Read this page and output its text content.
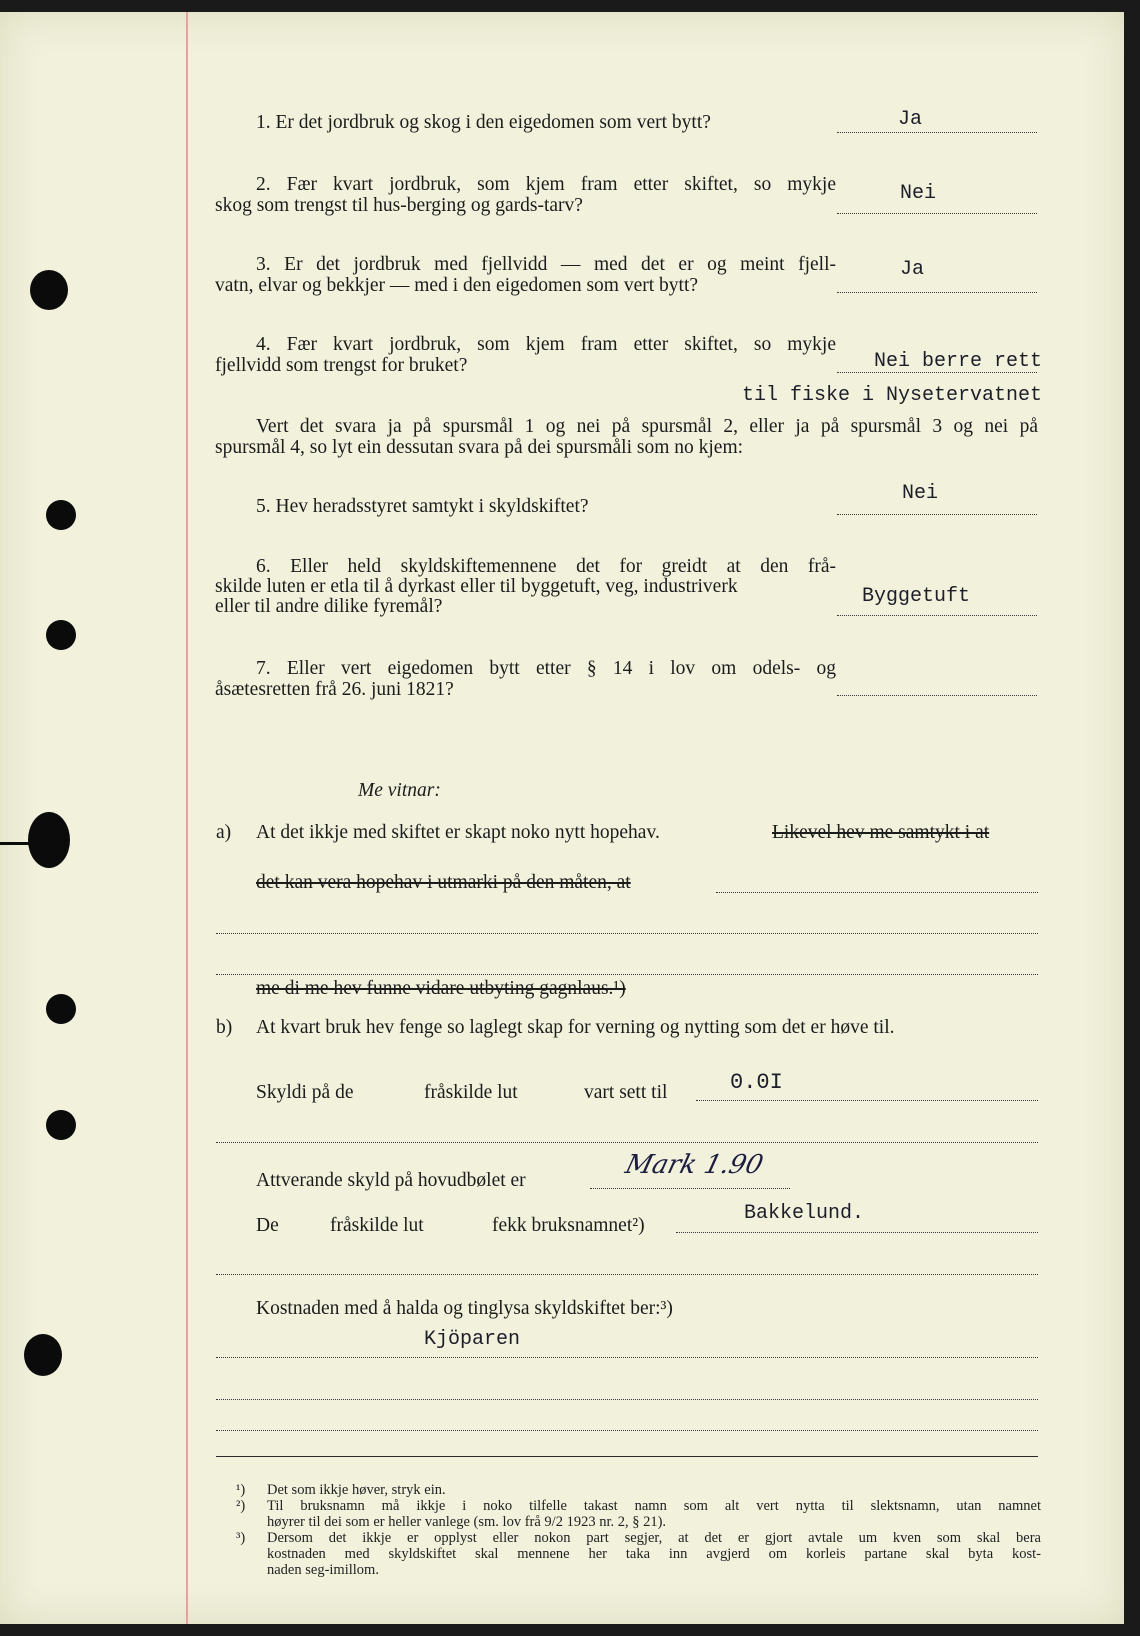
1. Er det jordbruk og skog i den eigedomen som vert bytt?	Ja
2. Fær kvart jordbruk, som kjem fram etter skiftet, so mykje
skog som trengst til hus-berging og gards-tarv?
Nei
3. Er det jordbruk med fjellvidd — med det er og meint fjell-
vatn, elvar og bekkjer — med i den eigedomen som vert bytt?
Ja
4. Fær kvart jordbruk, som kjem fram etter skiftet, so mykje
fjellvidd som trengst for bruket?	Nei berre rett
til fiske i Nysetervatnet
Vert det svara ja på spursmål 1 og nei på spursmål 2, eller ja på spursmål 3 og nei på
spursmål 4, so lyt ein dessutan svara på dei spursmåli som no kjem:
5. Hev heradsstyret samtykt i skyldskiftet?
Nei
6. Eller held skyldskiftemennene det for greidt at den frå-
skilde luten er etla til å dyrkast eller til byggetuft, veg, industriverk
eller til andre dilike fyremål?	Byggetuft
7. Eller vert eigedomen bytt etter § 14 i lov om odels- og
åsætesretten frå 26. juni 1821?
Me vitnar:
a) At det ikkje med skiftet er skapt noko nytt hopehav.	Likevel hev me samtykt i at
det kan vera hopehav i utmarki på den måten, at
me di me hev funne vidare utbyting gagnlaus.¹)
b) At kvart bruk hev fenge so laglegt skap for verning og nytting som det er høve til.
Skyldi på de	fråskilde lut	vart sett til	0.0I
Attverande skyld på hovudbølet er
Mark 1.90
De	fråskilde lut	fekk bruksnamnet²)
Bakkelund.
Kostnaden med å halda og tinglysa skyldskiftet ber:³)
Kjöparen
¹) Det som ikkje høver, stryk ein.
²) Til bruksnamn må ikkje i noko tilfelle takast namn som alt vert nytta til slektsnamn, utan namnet
høyrer til dei som er heller vanlege (sm. lov frå 9/2 1923 nr. 2, § 21).
³) Dersom det ikkje er opplyst eller nokon part segjer, at det er gjort avtale um kven som skal bera
kostnaden med skyldskiftet skal mennene her taka inn avgjerd om korleis partane skal byta kost-
naden seg-imillom.
